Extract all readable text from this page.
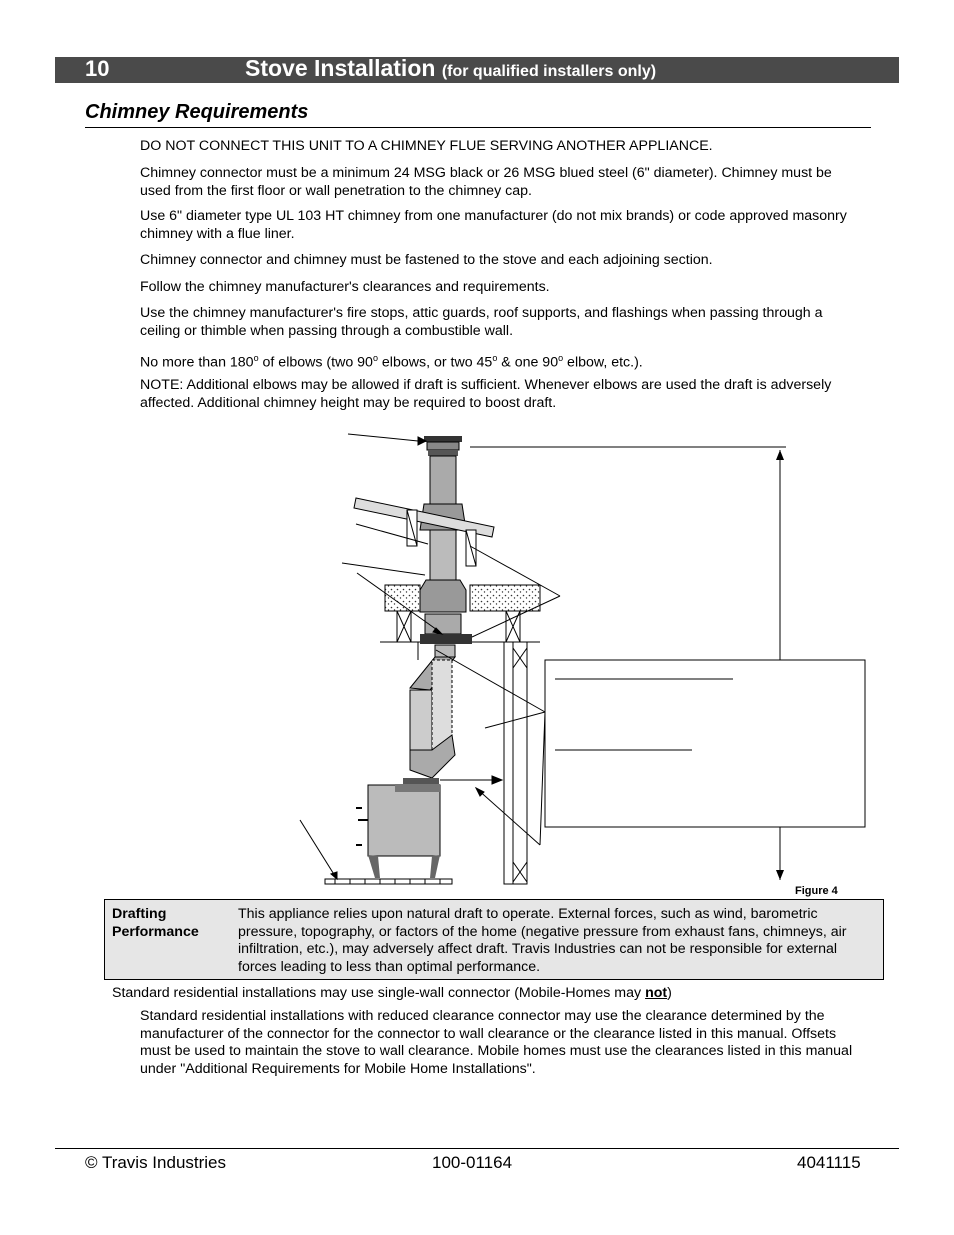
10	Stove Installation (for qualified installers only)
Chimney Requirements
DO NOT CONNECT THIS UNIT TO A CHIMNEY FLUE SERVING ANOTHER APPLIANCE.
Chimney connector must be a minimum 24 MSG black or 26 MSG blued steel (6" diameter). Chimney must be used from the first floor or wall penetration to the chimney cap.
Use 6" diameter type UL 103 HT chimney from one manufacturer (do not mix brands) or code approved masonry chimney with a flue liner.
Chimney connector and chimney must be fastened to the stove and each adjoining section.
Follow the chimney manufacturer's clearances and requirements.
Use the chimney manufacturer's fire stops, attic guards, roof supports, and flashings when passing through a ceiling or thimble when passing through a combustible wall.
No more than 180$^o$ of elbows (two 90$^o$ elbows, or two 45$^o$ & one 90$^o$ elbow, etc.).
NOTE: Additional elbows may be allowed if draft is sufficient. Whenever elbows are used the draft is adversely affected. Additional chimney height may be required to boost draft.
Figure 4
Drafting Performance
This appliance relies upon natural draft to operate. External forces, such as wind, barometric pressure, topography, or factors of the home (negative pressure from exhaust fans, chimneys, air infiltration, etc.), may adversely affect draft. Travis Industries can not be responsible for external forces leading to less than optimal performance.
Standard residential installations may use single-wall connector (Mobile-Homes may not)
Standard residential installations with reduced clearance connector may use the clearance determined by the manufacturer of the connector for the connector to wall clearance or the clearance listed in this manual. Offsets must be used to maintain the stove to wall clearance. Mobile homes must use the clearances listed in this manual under "Additional Requirements for Mobile Home Installations".
© Travis Industries	100-01164	4041115
